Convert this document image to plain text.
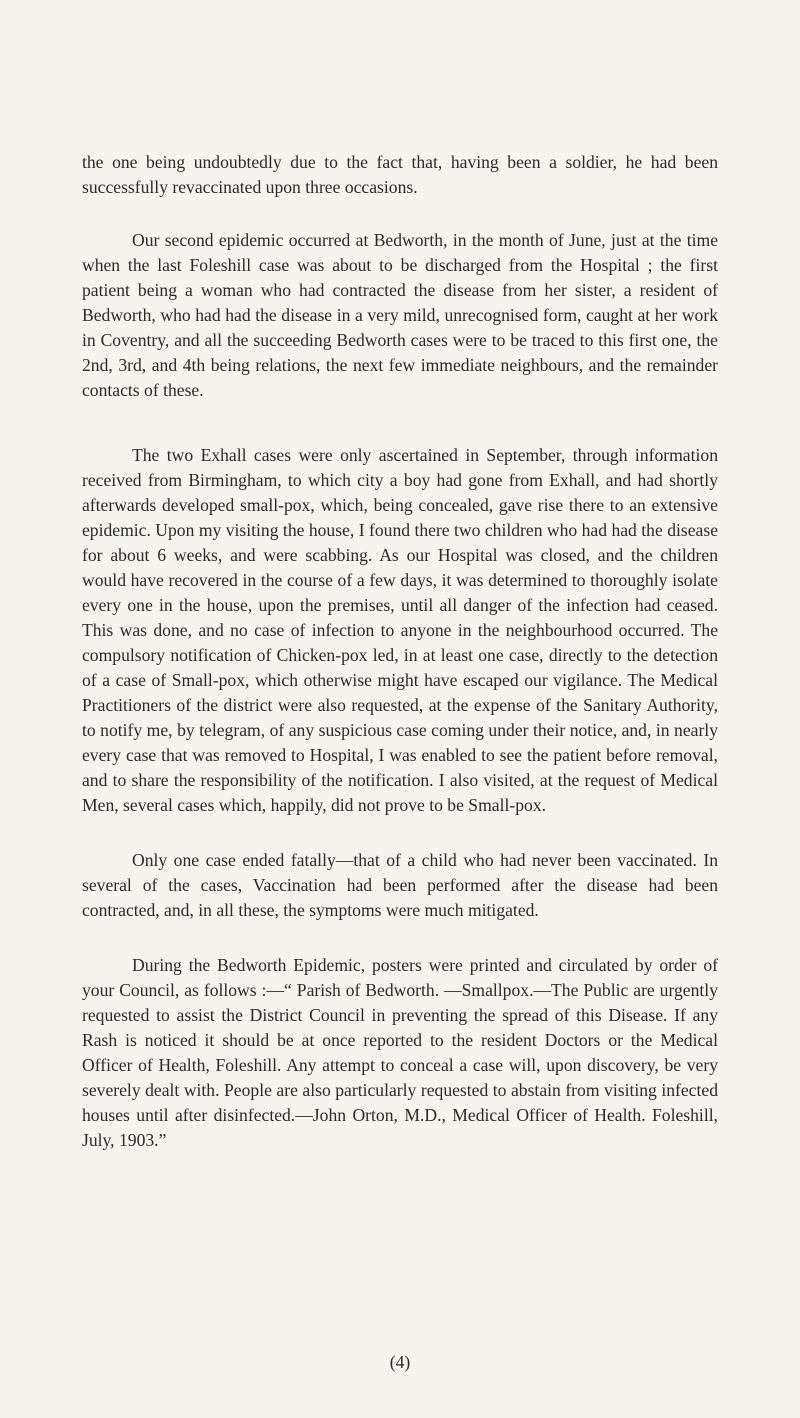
the one being undoubtedly due to the fact that, having been a soldier, he had been successfully revaccinated upon three occasions.

Our second epidemic occurred at Bedworth, in the month of June, just at the time when the last Foleshill case was about to be discharged from the Hospital ; the first patient being a woman who had contracted the disease from her sister, a resident of Bedworth, who had had the disease in a very mild, unrecognised form, caught at her work in Coventry, and all the succeeding Bedworth cases were to be traced to this first one, the 2nd, 3rd, and 4th being relations, the next few immediate neighbours, and the remainder contacts of these.

The two Exhall cases were only ascertained in September, through information received from Birmingham, to which city a boy had gone from Exhall, and had shortly afterwards developed small-pox, which, being concealed, gave rise there to an extensive epidemic. Upon my visiting the house, I found there two children who had had the disease for about 6 weeks, and were scabbing. As our Hospital was closed, and the children would have recovered in the course of a few days, it was determined to thoroughly isolate every one in the house, upon the premises, until all danger of the infection had ceased. This was done, and no case of infection to anyone in the neighbourhood occurred. The compulsory notification of Chicken-pox led, in at least one case, directly to the detection of a case of Small-pox, which otherwise might have escaped our vigilance. The Medical Practitioners of the district were also requested, at the expense of the Sanitary Authority, to notify me, by telegram, of any suspicious case coming under their notice, and, in nearly every case that was removed to Hospital, I was enabled to see the patient before removal, and to share the responsibility of the notification. I also visited, at the request of Medical Men, several cases which, happily, did not prove to be Small-pox.

Only one case ended fatally—that of a child who had never been vaccinated. In several of the cases, Vaccination had been performed after the disease had been contracted, and, in all these, the symptoms were much mitigated.

During the Bedworth Epidemic, posters were printed and circulated by order of your Council, as follows :—“ Parish of Bedworth. —Smallpox.—The Public are urgently requested to assist the District Council in preventing the spread of this Disease. If any Rash is noticed it should be at once reported to the resident Doctors or the Medical Officer of Health, Foleshill. Any attempt to conceal a case will, upon discovery, be very severely dealt with. People are also particularly requested to abstain from visiting infected houses until after disinfected.—John Orton, M.D., Medical Officer of Health. Foleshill, July, 1903.”

(4)
